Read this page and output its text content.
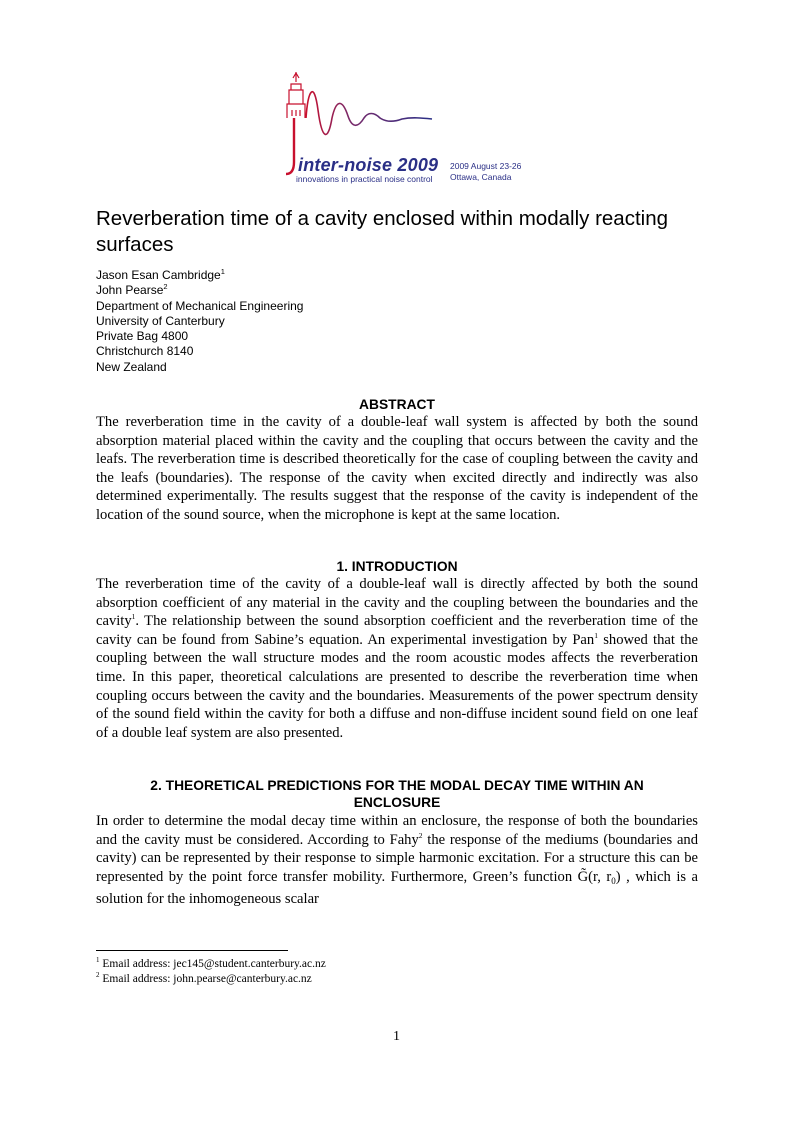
inter-noise 2009
innovations in practical noise control
2009 August 23-26
Ottawa, Canada
Reverberation time of a cavity enclosed within modally reacting surfaces
Jason Esan Cambridge$^1$
John Pearse$^2$
Department of Mechanical Engineering
University of Canterbury
Private Bag 4800
Christchurch 8140
New Zealand
ABSTRACT

The reverberation time in the cavity of a double-leaf wall system is affected by both the sound absorption material placed within the cavity and the coupling that occurs between the cavity and the leafs. The reverberation time is described theoretically for the case of coupling between the cavity and the leafs (boundaries). The response of the cavity when excited directly and indirectly was also determined experimentally. The results suggest that the response of the cavity is independent of the location of the sound source, when the microphone is kept at the same location.

1. INTRODUCTION

The reverberation time of the cavity of a double-leaf wall is directly affected by both the sound absorption coefficient of any material in the cavity and the coupling between the boundaries and the cavity$^1$. The relationship between the sound absorption coefficient and the reverberation time of the cavity can be found from Sabine’s equation. An experimental investigation by Pan$^1$ showed that the coupling between the wall structure modes and the room acoustic modes affects the reverberation time. In this paper, theoretical calculations are presented to describe the reverberation time when coupling occurs between the cavity and the boundaries. Measurements of the power spectrum density of the sound field within the cavity for both a diffuse and non-diffuse incident sound field on one leaf of a double leaf system are also presented.

2. THEORETICAL PREDICTIONS FOR THE MODAL DECAY TIME WITHIN AN
ENCLOSURE

In order to determine the modal decay time within an enclosure, the response of both the boundaries and the cavity must be considered. According to Fahy$^2$ the response of the mediums (boundaries and cavity) can be represented by their response to simple harmonic excitation. For a structure this can be represented by the point force transfer mobility. Furthermore, Green’s function G̃(r, $r_0$) , which is a solution for the inhomogeneous scalar

$^1$ Email address: jec145@student.canterbury.ac.nz
$^2$ Email address: john.pearse@canterbury.ac.nz
1
